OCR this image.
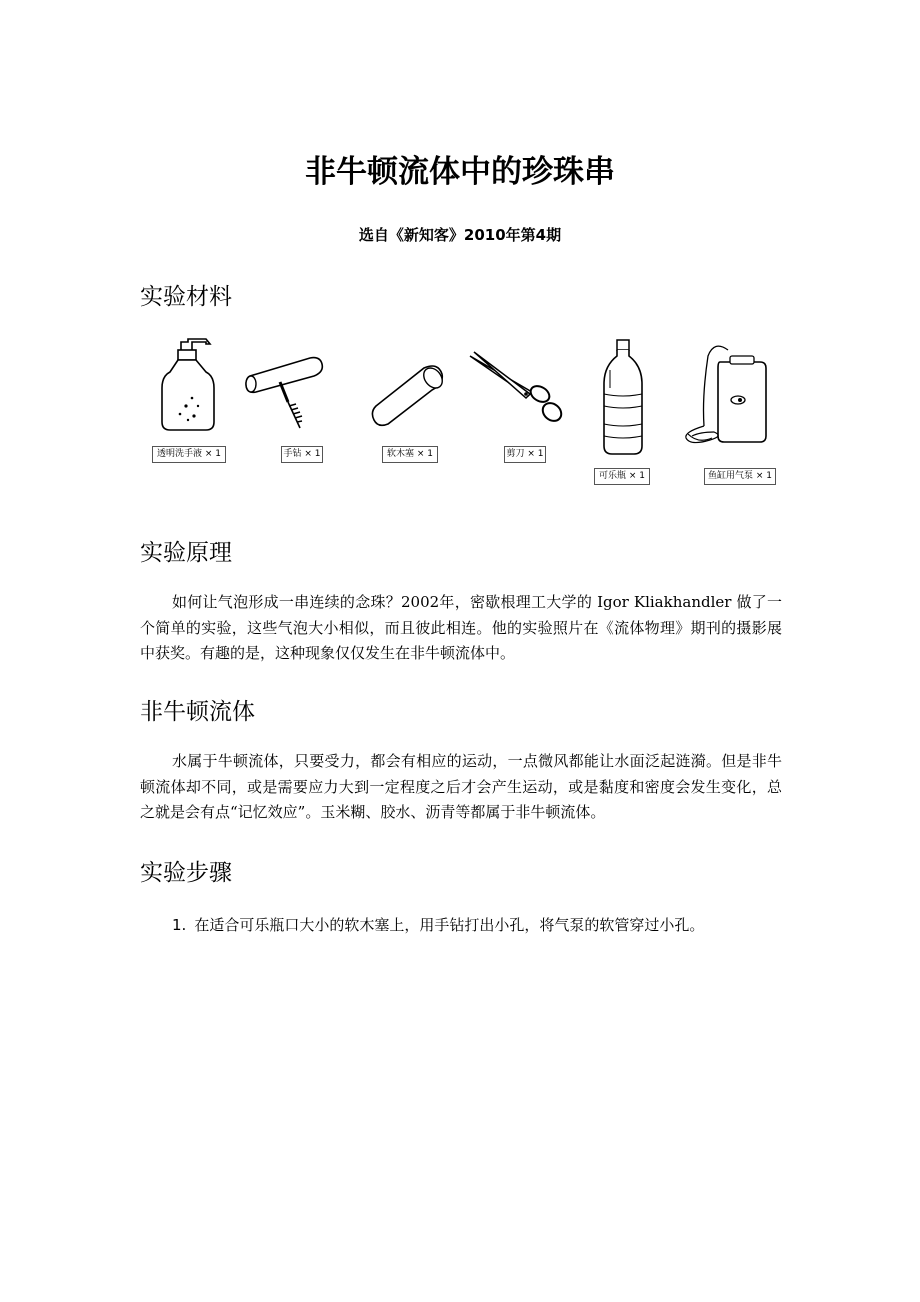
非牛顿流体中的珍珠串

选自《新知客》2010年第4期

实验材料
透明洗手液 × 1	手钻 × 1	软木塞 × 1	剪刀 × 1
可乐瓶 × 1	鱼缸用气泵 × 1
实验原理

如何让气泡形成一串连续的念珠？2002年，密歇根理工大学的 Igor Kliakhandler 做了一个简单的实验，这些气泡大小相似，而且彼此相连。他的实验照片在《流体物理》期刊的摄影展中获奖。有趣的是，这种现象仅仅发生在非牛顿流体中。

非牛顿流体

水属于牛顿流体，只要受力，都会有相应的运动，一点微风都能让水面泛起涟漪。但是非牛顿流体却不同，或是需要应力大到一定程度之后才会产生运动，或是黏度和密度会发生变化，总之就是会有点“记忆效应”。玉米糊、胶水、沥青等都属于非牛顿流体。

实验步骤

1. 在适合可乐瓶口大小的软木塞上，用手钻打出小孔，将气泵的软管穿过小孔。
